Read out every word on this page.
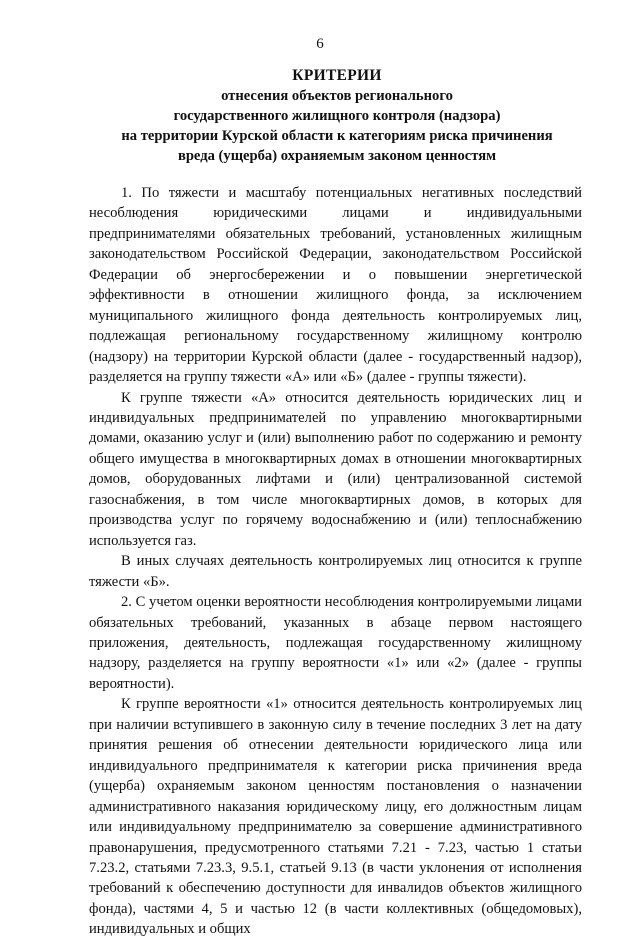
6
КРИТЕРИИ
отнесения объектов регионального
государственного жилищного контроля (надзора)
на территории Курской области к категориям риска причинения
вреда (ущерба) охраняемым законом ценностям

1. По тяжести и масштабу потенциальных негативных последствий несоблюдения юридическими лицами и индивидуальными предпринимателями обязательных требований, установленных жилищным законодательством Российской Федерации, законодательством Российской Федерации об энергосбережении и о повышении энергетической эффективности в отношении жилищного фонда, за исключением муниципального жилищного фонда деятельность контролируемых лиц, подлежащая региональному государственному жилищному контролю (надзору) на территории Курской области (далее - государственный надзор), разделяется на группу тяжести «А» или «Б» (далее - группы тяжести).

К группе тяжести «А» относится деятельность юридических лиц и индивидуальных предпринимателей по управлению многоквартирными домами, оказанию услуг и (или) выполнению работ по содержанию и ремонту общего имущества в многоквартирных домах в отношении многоквартирных домов, оборудованных лифтами и (или) централизованной системой газоснабжения, в том числе многоквартирных домов, в которых для производства услуг по горячему водоснабжению и (или) теплоснабжению используется газ.

В иных случаях деятельность контролируемых лиц относится к группе тяжести «Б».

2. С учетом оценки вероятности несоблюдения контролируемыми лицами обязательных требований, указанных в абзаце первом настоящего приложения, деятельность, подлежащая государственному жилищному надзору, разделяется на группу вероятности «1» или «2» (далее - группы вероятности).

К группе вероятности «1» относится деятельность контролируемых лиц при наличии вступившего в законную силу в течение последних 3 лет на дату принятия решения об отнесении деятельности юридического лица или индивидуального предпринимателя к категории риска причинения вреда (ущерба) охраняемым законом ценностям постановления о назначении административного наказания юридическому лицу, его должностным лицам или индивидуальному предпринимателю за совершение административного правонарушения, предусмотренного статьями 7.21 - 7.23, частью 1 статьи 7.23.2, статьями 7.23.3, 9.5.1, статьей 9.13 (в части уклонения от исполнения требований к обеспечению доступности для инвалидов объектов жилищного фонда), частями 4, 5 и частью 12 (в части коллективных (общедомовых), индивидуальных и общих
